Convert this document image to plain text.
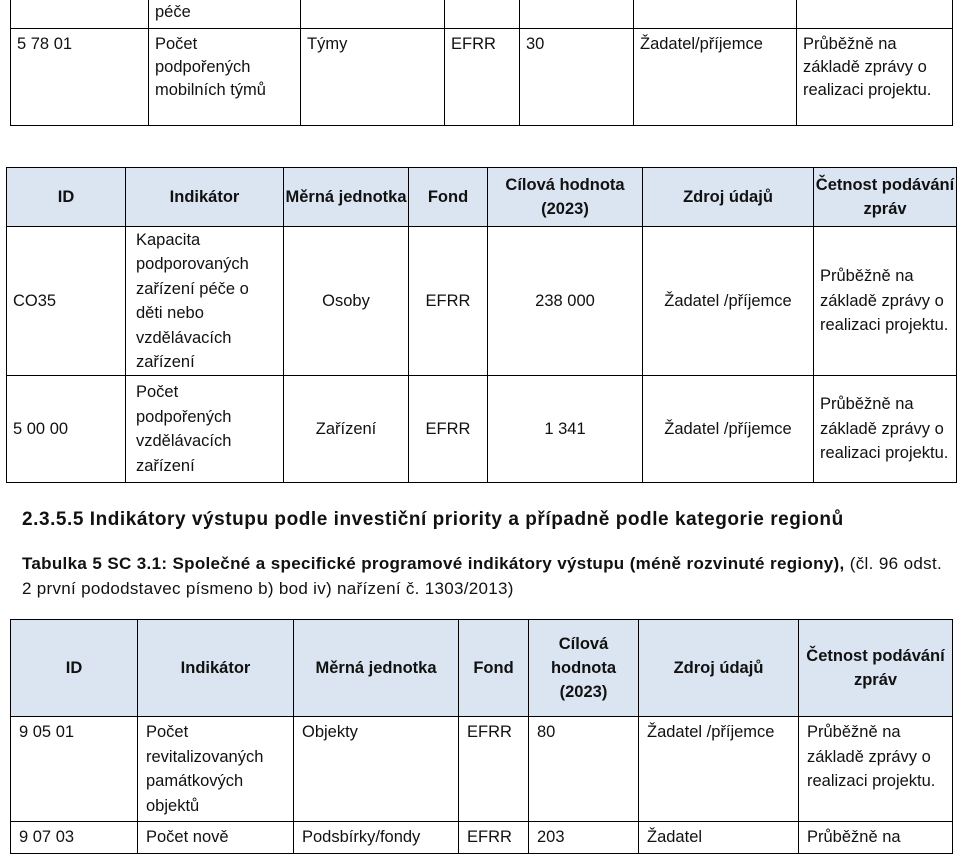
	péče					
5 78 01	Počet podpořených mobilních týmů	Týmy	EFRR	30	Žadatel/příjemce	Průběžně na základě zprávy o realizaci projektu.
ID	Indikátor	Měrná jednotka	Fond	Cílová hodnota (2023)	Zdroj údajů	Četnost podávání zpráv
CO35	Kapacita podporovaných zařízení péče o děti nebo vzdělávacích zařízení	Osoby	EFRR	238 000	Žadatel /příjemce	Průběžně na základě zprávy o realizaci projektu.
5 00 00	Počet podpořených vzdělávacích zařízení	Zařízení	EFRR	1 341	Žadatel /příjemce	Průběžně na základě zprávy o realizaci projektu.
2.3.5.5 Indikátory výstupu podle investiční priority a případně podle kategorie regionů
Tabulka 5 SC 3.1: Společné a specifické programové indikátory výstupu (méně rozvinuté regiony), (čl. 96 odst. 2 první pododstavec písmeno b) bod iv) nařízení č. 1303/2013)
ID	Indikátor	Měrná jednotka	Fond	Cílová hodnota (2023)	Zdroj údajů	Četnost podávání zpráv
9 05 01	Počet revitalizovaných památkových objektů	Objekty	EFRR	80	Žadatel /příjemce	Průběžně na základě zprávy o realizaci projektu.
9 07 03	Počet nově	Podsbírky/fondy	EFRR	203	Žadatel	Průběžně na
